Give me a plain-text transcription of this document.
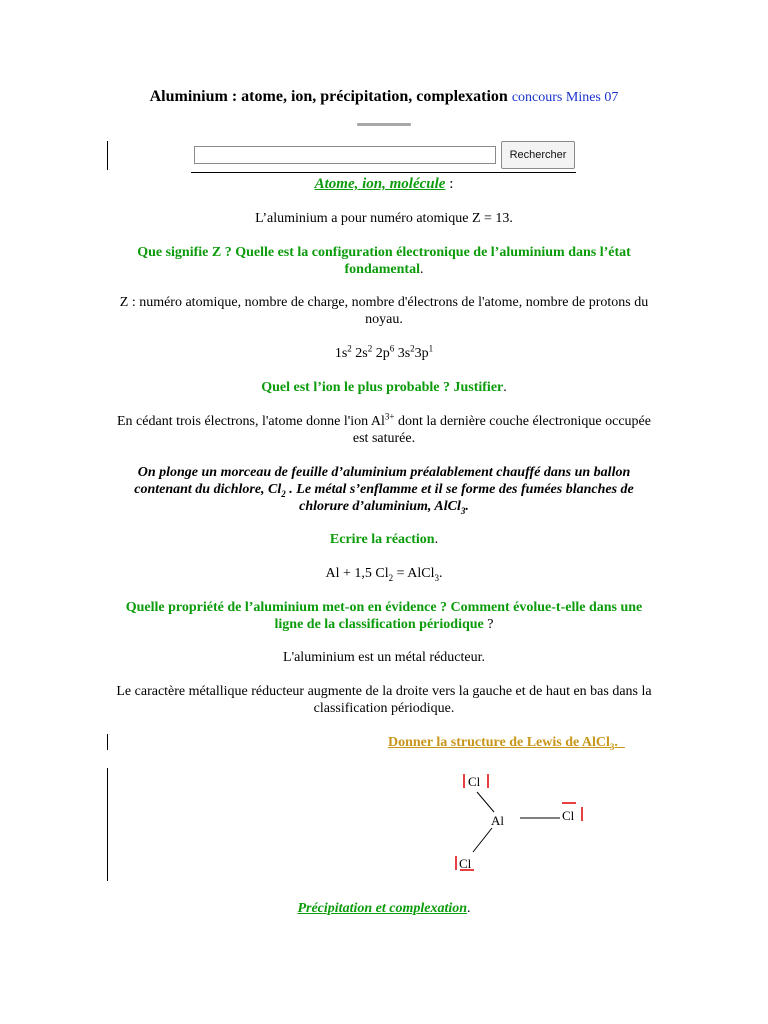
Aluminium : atome, ion, précipitation, complexation concours Mines 07
Rechercher
Atome, ion, molécule :
L’aluminium a pour numéro atomique Z = 13.
Que signifie Z ? Quelle est la configuration électronique de l’aluminium dans l’état fondamental.
Z : numéro atomique, nombre de charge, nombre d'électrons de l'atome, nombre de protons du noyau.
$1s^2$ $2s^2$ $2p^6$ $3s^23p^1$
Quel est l’ion le plus probable ? Justifier.
En cédant trois électrons, l'atome donne l'ion $Al^{3+}$ dont la dernière couche électronique occupée est saturée.
On plonge un morceau de feuille d’aluminium préalablement chauffé dans un ballon contenant du dichlore, $Cl_2$ . Le métal s’enflamme et il se forme des fumées blanches de chlorure d’aluminium, AlCl$_3$.
Ecrire la réaction.
Al + 1,5 $Cl_2$ = AlCl$_3$.
Quelle propriété de l’aluminium met-on en évidence ? Comment évolue-t-elle dans une ligne de la classification périodique ?
L'aluminium est un métal réducteur.
Le caractère métallique réducteur augmente de la droite vers la gauche et de haut en bas dans la classification périodique.
Donner la structure de Lewis de AlCl$_3$.
Cl
Al	Cl
Cl
Précipitation et complexation.
